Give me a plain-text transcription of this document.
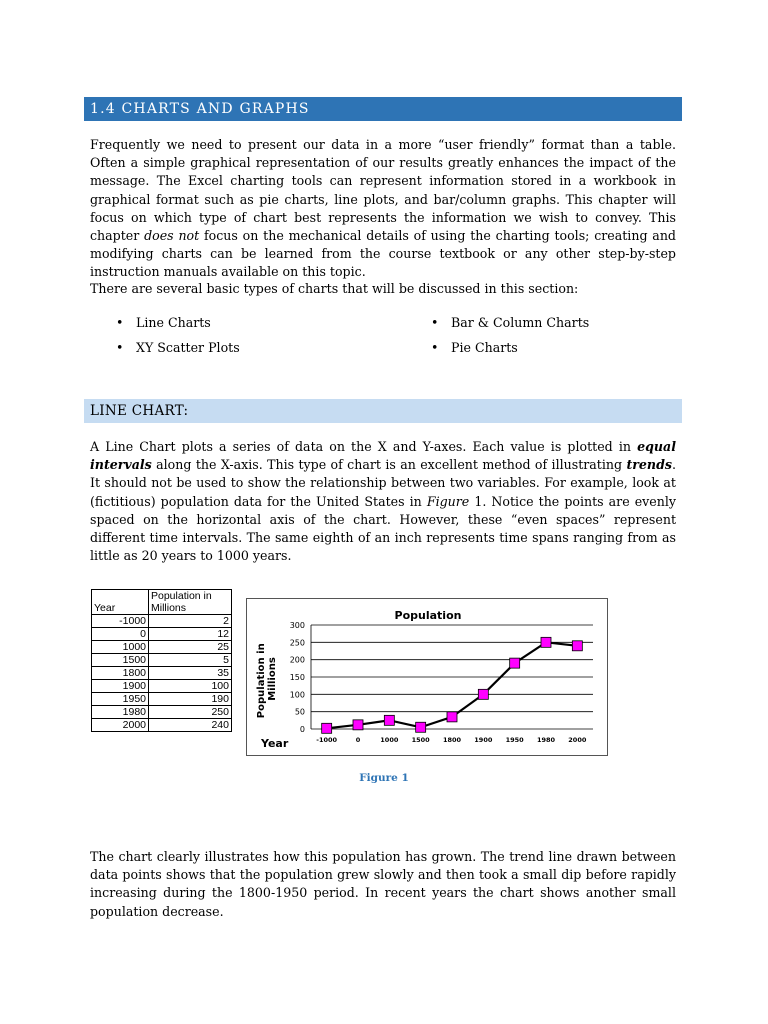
1.4 CHARTS AND GRAPHS

Frequently we need to present our data in a more “user friendly” format than a table. Often a simple graphical representation of our results greatly enhances the impact of the message. The Excel charting tools can represent information stored in a workbook in graphical format such as pie charts, line plots, and bar/column graphs. This chapter will focus on which type of chart best represents the information we wish to convey. This chapter does not focus on the mechanical details of using the charting tools; creating and modifying charts can be learned from the course textbook or any other step-by-step instruction manuals available on this topic.

There are several basic types of charts that will be discussed in this section:

• Line Charts
• XY Scatter Plots
• Bar & Column Charts
• Pie Charts
LINE CHART:

A Line Chart plots a series of data on the X and Y-axes. Each value is plotted in equal intervals along the X-axis. This type of chart is an excellent method of illustrating trends. It should not be used to show the relationship between two variables. For example, look at (fictitious) population data for the United States in Figure 1. Notice the points are evenly spaced on the horizontal axis of the chart. However, these “even spaces” represent different time intervals. The same eighth of an inch represents time spans ranging from as little as 20 years to 1000 years.

Year	Population in Millions
-1000	2
0	12
1000	25
1500	5
1800	35
1900	100
1950	190
1980	250
2000	240
Population
0
50
100
150
200
250
300
-1000	0	1000 1500 1800 1900 1950 1980 2000
Population in Millions
Year
Figure 1

The chart clearly illustrates how this population has grown. The trend line drawn between data points shows that the population grew slowly and then took a small dip before rapidly increasing during the 1800-1950 period. In recent years the chart shows another small population decrease.
